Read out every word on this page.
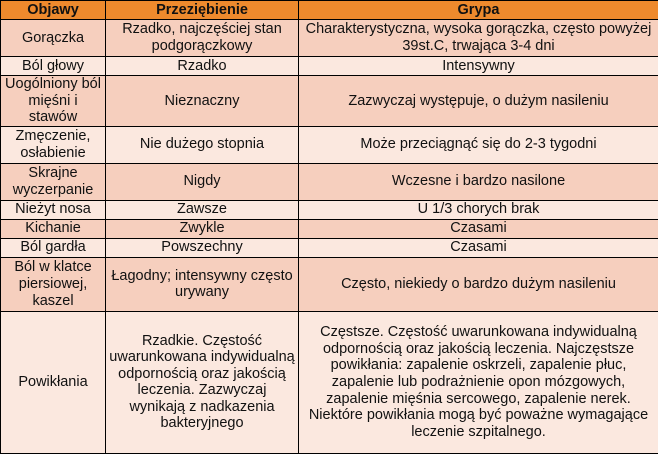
Objawy	Przeziębienie	Grypa
Gorączka	Rzadko, najczęściej stan podgorączkowy	Charakterystyczna, wysoka gorączka, często powyżej 39st.C, trwająca 3-4 dni
Ból głowy	Rzadko	Intensywny
Uogólniony ból mięśni i stawów	Nieznaczny	Zazwyczaj występuje, o dużym nasileniu
Zmęczenie, osłabienie	Nie dużego stopnia	Może przeciągnąć się do 2-3 tygodni
Skrajne wyczerpanie	Nigdy	Wczesne i bardzo nasilone
Nieżyt nosa	Zawsze	U 1/3 chorych brak
Kichanie	Zwykle	Czasami
Ból gardła	Powszechny	Czasami
Ból w klatce piersiowej, kaszel	Łagodny; intensywny często urywany	Często, niekiedy o bardzo dużym nasileniu
Powikłania	Rzadkie. Częstość uwarunkowana indywidualną odpornością oraz jakością leczenia. Zazwyczaj wynikają z nadkazenia bakteryjnego	Częstsze. Częstość uwarunkowana indywidualną odpornością oraz jakością leczenia. Najczęstsze powikłania: zapalenie oskrzeli, zapalenie płuc, zapalenie lub podrażnienie opon mózgowych, zapalenie mięśnia sercowego, zapalenie nerek. Niektóre powikłania mogą być poważne wymagające leczenie szpitalnego.
